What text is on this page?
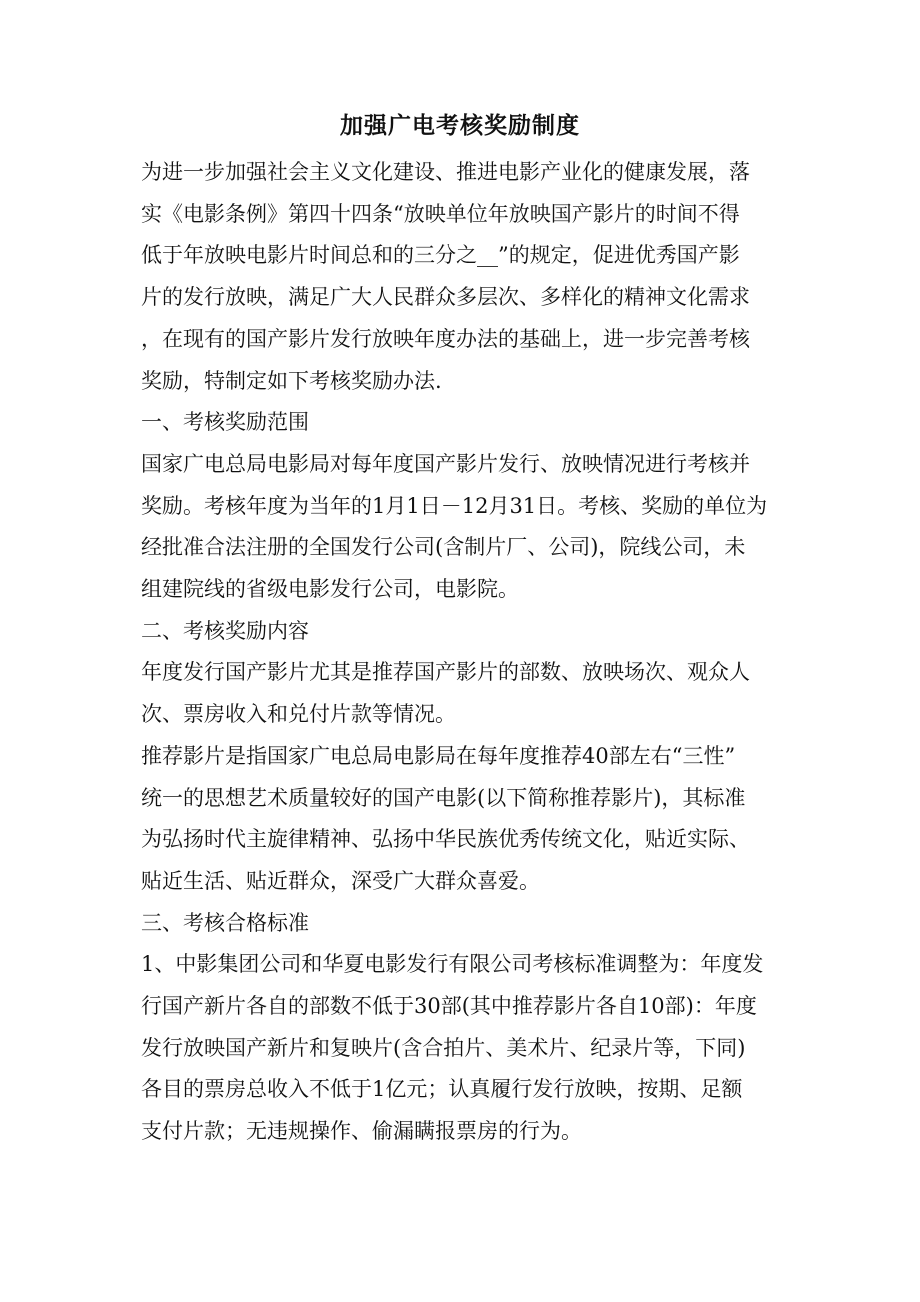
加强广电考核奖励制度

为进一步加强社会主义文化建设、推进电影产业化的健康发展，落
实《电影条例》第四十四条“放映单位年放映国产影片的时间不得
低于年放映电影片时间总和的三分之__”的规定，促进优秀国产影
片的发行放映，满足广大人民群众多层次、多样化的精神文化需求
，在现有的国产影片发行放映年度办法的基础上，进一步完善考核
奖励，特制定如下考核奖励办法.

一、考核奖励范围

国家广电总局电影局对每年度国产影片发行、放映情况进行考核并
奖励。考核年度为当年的1月1日－12月31日。考核、奖励的单位为
经批准合法注册的全国发行公司(含制片厂、公司)，院线公司，未
组建院线的省级电影发行公司，电影院。

二、考核奖励内容

年度发行国产影片尤其是推荐国产影片的部数、放映场次、观众人
次、票房收入和兑付片款等情况。

推荐影片是指国家广电总局电影局在每年度推荐40部左右“三性”
统一的思想艺术质量较好的国产电影(以下简称推荐影片)，其标准
为弘扬时代主旋律精神、弘扬中华民族优秀传统文化，贴近实际、
贴近生活、贴近群众，深受广大群众喜爱。

三、考核合格标准

1、中影集团公司和华夏电影发行有限公司考核标准调整为：年度发
行国产新片各自的部数不低于30部(其中推荐影片各自10部)：年度
发行放映国产新片和复映片(含合拍片、美术片、纪录片等，下同)
各目的票房总收入不低于1亿元；认真履行发行放映，按期、足额
支付片款；无违规操作、偷漏瞒报票房的行为。
